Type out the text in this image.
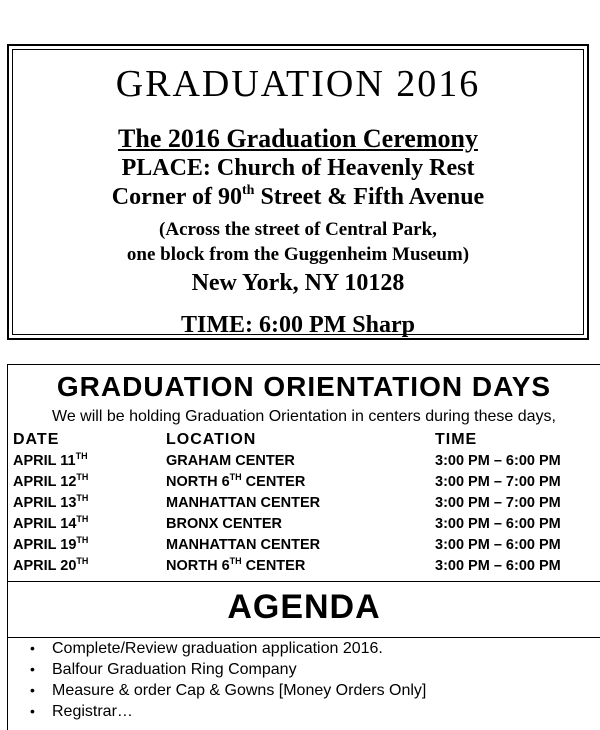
GRADUATION 2016
The 2016 Graduation Ceremony
PLACE: Church of Heavenly Rest
Corner of 90th Street & Fifth Avenue
(Across the street of Central Park,
one block from the Guggenheim Museum)
New York, NY 10128
TIME: 6:00 PM Sharp
GRADUATION ORIENTATION DAYS
We will be holding Graduation Orientation in centers during these days,
DATE	LOCATION	TIME
APRIL 11TH	GRAHAM CENTER	3:00 PM – 6:00 PM
APRIL 12TH	NORTH 6TH CENTER	3:00 PM – 7:00 PM
APRIL 13TH	MANHATTAN CENTER	3:00 PM – 7:00 PM
APRIL 14TH	BRONX CENTER	3:00 PM – 6:00 PM
APRIL 19TH	MANHATTAN CENTER	3:00 PM – 6:00 PM
APRIL 20TH	NORTH 6TH CENTER	3:00 PM – 6:00 PM
AGENDA
• Complete/Review graduation application 2016.
• Balfour Graduation Ring Company
• Measure & order Cap & Gowns [Money Orders Only]
• Registrar…
